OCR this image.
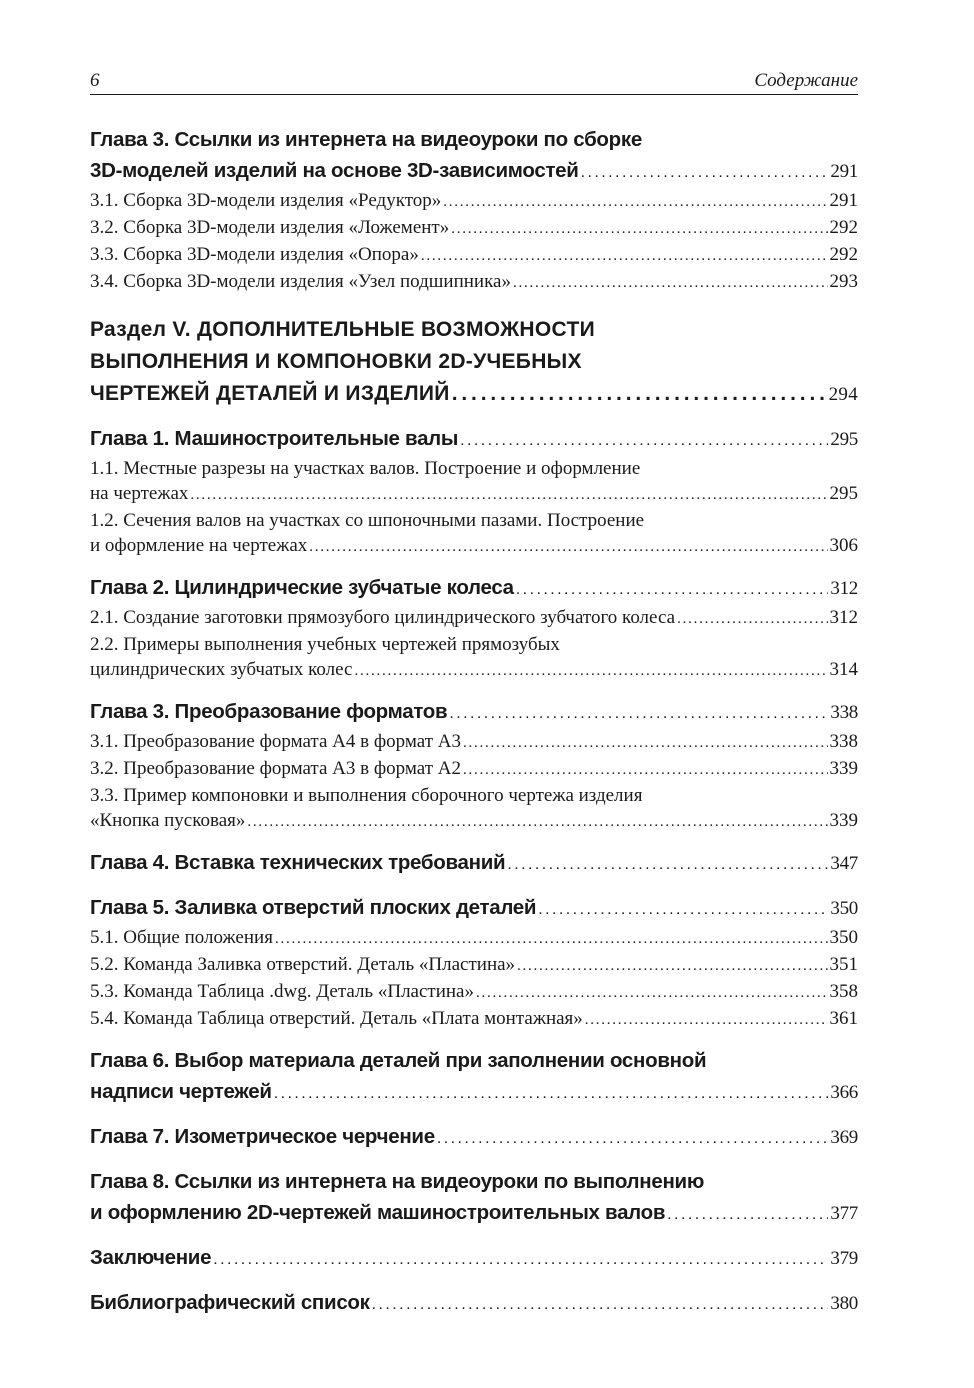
6	Содержание
Глава 3. Ссылки из интернета на видеоуроки по сборке
3D-моделей изделий на основе 3D-зависимостей . . .	291
3.1. Сборка 3D-модели изделия «Редуктор» . . .	291
3.2. Сборка 3D-модели изделия «Ложемент» . . .	292
3.3. Сборка 3D-модели изделия «Опора» . . .	292
3.4. Сборка 3D-модели изделия «Узел подшипника» . . .	293
Раздел V. ДОПОЛНИТЕЛЬНЫЕ ВОЗМОЖНОСТИ
ВЫПОЛНЕНИЯ И КОМПОНОВКИ 2D-УЧЕБНЫХ
ЧЕРТЕЖЕЙ ДЕТАЛЕЙ И ИЗДЕЛИЙ . . .	294
Глава 1. Машиностроительные валы . . .	295
1.1. Местные разрезы на участках валов. Построение и оформление
на чертежах . . .	295
1.2. Сечения валов на участках со шпоночными пазами. Построение
и оформление на чертежах . . .	306
Глава 2. Цилиндрические зубчатые колеса . . .	312
2.1. Создание заготовки прямозубого цилиндрического зубчатого колеса . . .	312
2.2. Примеры выполнения учебных чертежей прямозубых
цилиндрических зубчатых колес . . .	314
Глава 3. Преобразование форматов . . .	338
3.1. Преобразование формата А4 в формат А3 . . .	338
3.2. Преобразование формата А3 в формат А2 . . .	339
3.3. Пример компоновки и выполнения сборочного чертежа изделия
«Кнопка пусковая» . . .	339
Глава 4. Вставка технических требований . . .	347
Глава 5. Заливка отверстий плоских деталей . . .	350
5.1. Общие положения . . .	350
5.2. Команда Заливка отверстий. Деталь «Пластина» . . .	351
5.3. Команда Таблица .dwg. Деталь «Пластина» . . .	358
5.4. Команда Таблица отверстий. Деталь «Плата монтажная» . . .	361
Глава 6. Выбор материала деталей при заполнении основной
надписи чертежей . . .	366
Глава 7. Изометрическое черчение . . .	369
Глава 8. Ссылки из интернета на видеоуроки по выполнению
и оформлению 2D-чертежей машиностроительных валов . . .	377
Заключение . . .	379
Библиографический список . . .	380
